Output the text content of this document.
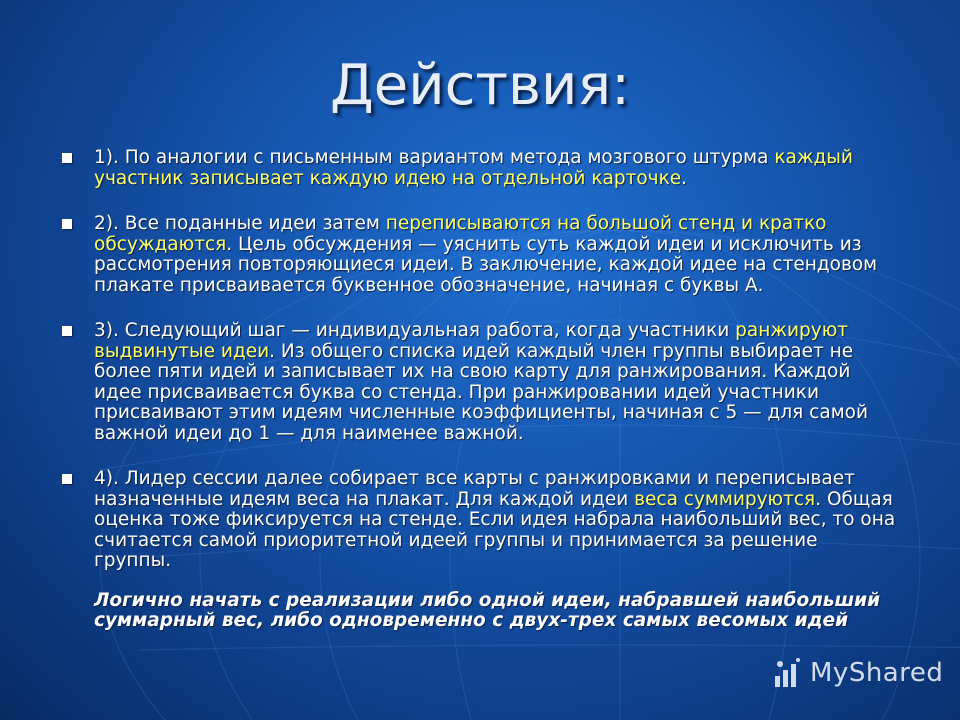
Действия:
1). По аналогии с письменным вариантом метода мозгового штурма каждый участник записывает каждую идею на отдельной карточке.
2). Все поданные идеи затем переписываются на большой стенд и кратко обсуждаются. Цель обсуждения — уяснить суть каждой идеи и исключить из рассмотрения повторяющиеся идеи. В заключение, каждой идее на стендовом плакате присваивается буквенное обозначение, начиная с буквы А.
3). Следующий шаг — индивидуальная работа, когда участники ранжируют выдвинутые идеи. Из общего списка идей каждый член группы выбирает не более пяти идей и записывает их на свою карту для ранжирования. Каждой идее присваивается буква со стенда. При ранжировании идей участники присваивают этим идеям численные коэффициенты, начиная с 5 — для самой важной идеи до 1 — для наименее важной.
4). Лидер сессии далее собирает все карты с ранжировками и переписывает назначенные идеям веса на плакат. Для каждой идеи веса суммируются. Общая оценка тоже фиксируется на стенде. Если идея набрала наибольший вес, то она считается самой приоритетной идеей группы и принимается за решение группы.
Логично начать с реализации либо одной идеи, набравшей наибольший суммарный вес, либо одновременно с двух-трех самых весомых идей
MyShared
